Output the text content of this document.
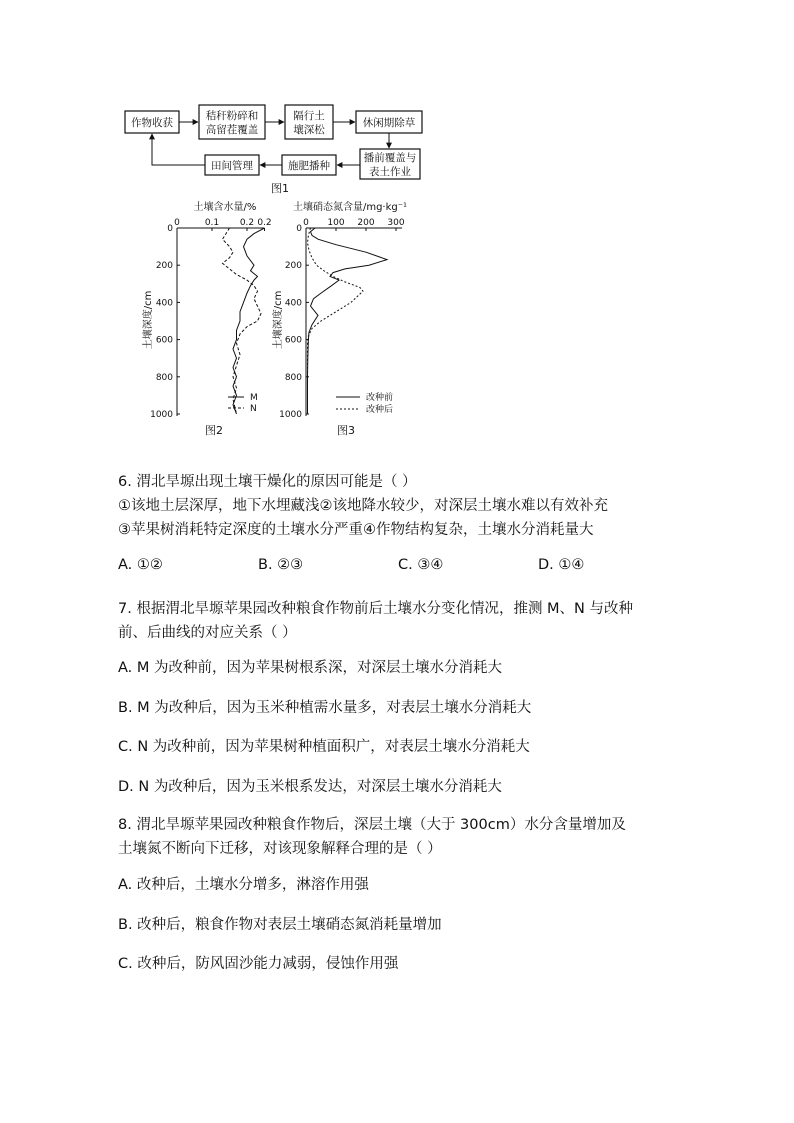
作物收获
秸秆粉碎和
高留茬覆盖
隔行土
壤深松
休闲期除草
播前覆盖与
表土作业
施肥播种
田间管理
图1
土壤含水量/%
土壤深度/cm
0	0.1 0.2 0.2
0
200
400
600
800
1000
M
N
图2
土壤硝态氮含量/mg·kg⁻¹
土壤深度/cm
0 100 200 300
0
200
400
600
800
1000
改种前
改种后
图3
6. 渭北旱塬出现土壤干燥化的原因可能是（ ）
①该地土层深厚，地下水埋藏浅②该地降水较少，对深层土壤水难以有效补充
③苹果树消耗特定深度的土壤水分严重④作物结构复杂，土壤水分消耗量大
A. ①②	B. ②③	C. ③④	D. ①④
7. 根据渭北旱塬苹果园改种粮食作物前后土壤水分变化情况，推测 M、N 与改种
前、后曲线的对应关系（ ）
A. M 为改种前，因为苹果树根系深，对深层土壤水分消耗大
B. M 为改种后，因为玉米种植需水量多，对表层土壤水分消耗大
C. N 为改种前，因为苹果树种植面积广，对表层土壤水分消耗大
D. N 为改种后，因为玉米根系发达，对深层土壤水分消耗大
8. 渭北旱塬苹果园改种粮食作物后，深层土壤（大于 300cm）水分含量增加及
土壤氮不断向下迁移，对该现象解释合理的是（ ）
A. 改种后，土壤水分增多，淋溶作用强
B. 改种后，粮食作物对表层土壤硝态氮消耗量增加
C. 改种后，防风固沙能力减弱，侵蚀作用强
